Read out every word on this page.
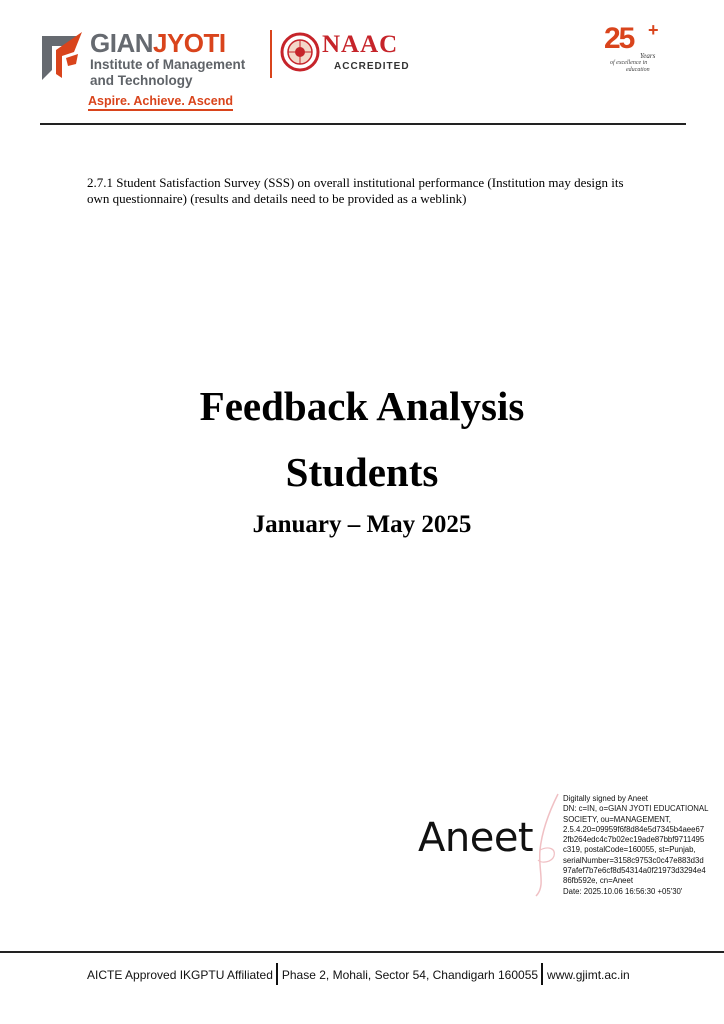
GIANJYOTI
Institute of Management
and Technology
Aspire. Achieve. Ascend
NAAC
ACCREDITED
25 +
Years
of excellence in
education
2.7.1 Student Satisfaction Survey (SSS) on overall institutional performance (Institution may design its own questionnaire) (results and details need to be provided as a weblink)
Feedback Analysis
Students
January – May 2025
Aneet
Digitally signed by Aneet
DN: c=IN, o=GIAN JYOTI EDUCATIONAL
SOCIETY, ou=MANAGEMENT,
2.5.4.20=09959f6f8d84e5d7345b4aee67
2fb264edc4c7b02ec19ade87bbf9711495
c319, postalCode=160055, st=Punjab,
serialNumber=3158c9753c0c47e883d3d
97afef7b7e6cf8d54314a0f21973d3294e4
86fb592e, cn=Aneet
Date: 2025.10.06 16:56:30 +05'30'
AICTE Approved IKGPTU Affiliated Phase 2, Mohali, Sector 54, Chandigarh 160055 www.gjimt.ac.in
